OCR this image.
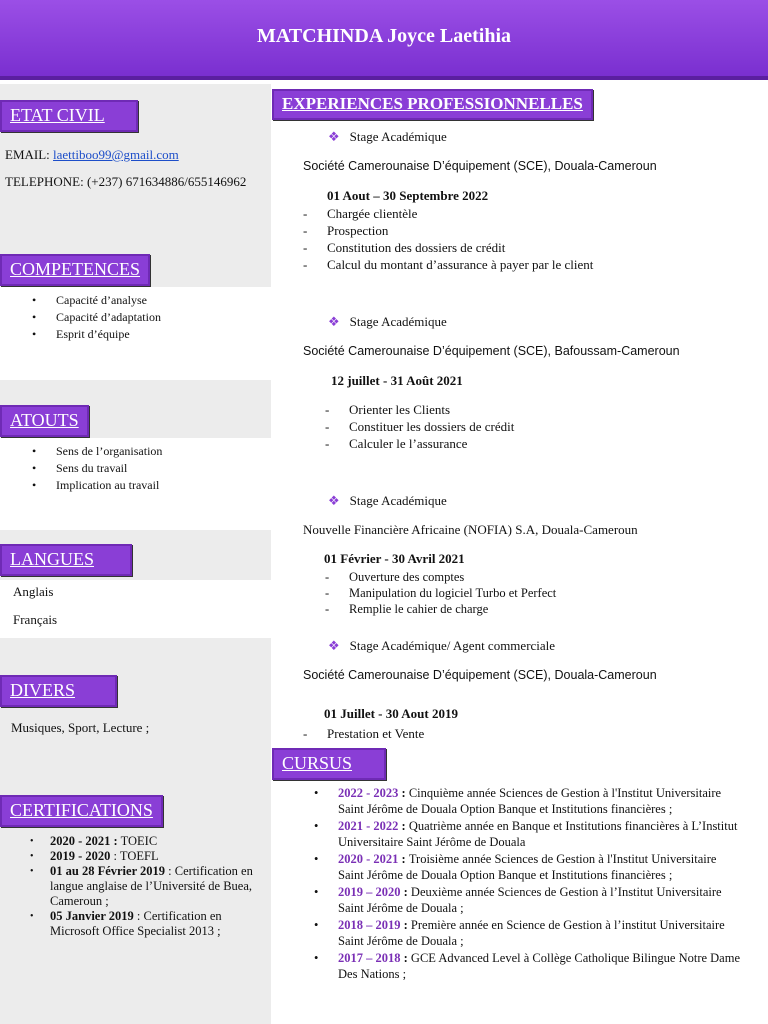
MATCHINDA Joyce Laetihia
ETAT CIVIL
EMAIL: laettiboo99@gmail.com
TELEPHONE: (+237) 671634886/655146962
COMPETENCES
• Capacité d’analyse
• Capacité d’adaptation
• Esprit d’équipe
ATOUTS
• Sens de l’organisation
• Sens du travail
• Implication au travail
LANGUES
Anglais
Français
DIVERS
Musiques, Sport, Lecture ;
CERTIFICATIONS
• 2020 - 2021 : TOEIC
• 2019 - 2020 : TOEFL
• 01 au 28 Février 2019 : Certification en langue anglaise de l’Université de Buea, Cameroun ;
• 05 Janvier 2019 : Certification en Microsoft Office Specialist 2013 ;
EXPERIENCES PROFESSIONNELLES
❖ Stage Académique
Société Camerounaise D’équipement (SCE), Douala-Cameroun
01 Aout – 30 Septembre 2022
- Chargée clientèle
- Prospection
- Constitution des dossiers de crédit
- Calcul du montant d’assurance à payer par le client
❖ Stage Académique
Société Camerounaise D’équipement (SCE), Bafoussam-Cameroun
12 juillet - 31 Août 2021
- Orienter les Clients
- Constituer les dossiers de crédit
- Calculer le l’assurance
❖ Stage Académique
Nouvelle Financière Africaine (NOFIA) S.A, Douala-Cameroun
01 Février - 30 Avril 2021
- Ouverture des comptes
- Manipulation du logiciel Turbo et Perfect
- Remplie le cahier de charge
❖ Stage Académique/ Agent commerciale
Société Camerounaise D’équipement (SCE), Douala-Cameroun
01 Juillet - 30 Aout 2019
- Prestation et Vente
CURSUS
• 2022 - 2023 : Cinquième année Sciences de Gestion à l'Institut Universitaire Saint Jérôme de Douala Option Banque et Institutions financières ;
• 2021 - 2022 : Quatrième année en Banque et Institutions financières à L’Institut Universitaire Saint Jérôme de Douala
• 2020 - 2021 : Troisième année Sciences de Gestion à l'Institut Universitaire Saint Jérôme de Douala Option Banque et Institutions financières ;
• 2019 – 2020 : Deuxième année Sciences de Gestion à l’Institut Universitaire Saint Jérôme de Douala ;
• 2018 – 2019 : Première année en Science de Gestion à l’institut Universitaire Saint Jérôme de Douala ;
• 2017 – 2018 : GCE Advanced Level à Collège Catholique Bilingue Notre Dame Des Nations ;
